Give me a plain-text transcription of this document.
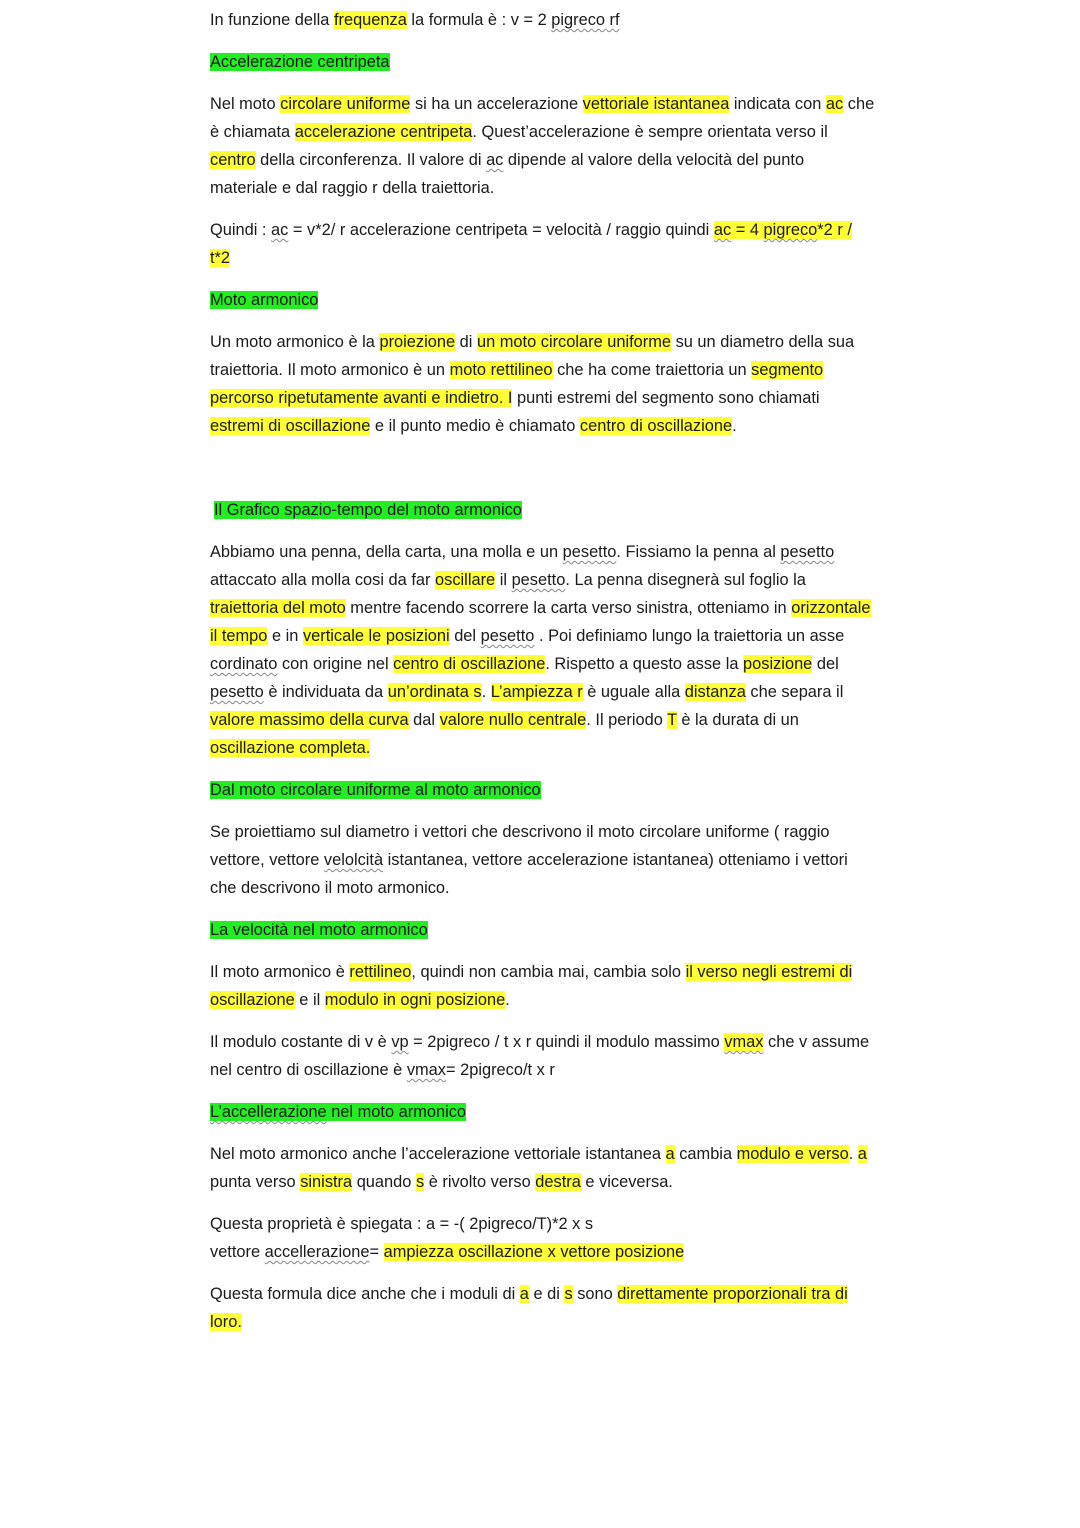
In funzione della frequenza la formula è : v = 2 pigreco rf
Accelerazione centripeta
Nel moto circolare uniforme si ha un accelerazione vettoriale istantanea indicata con ac che è chiamata accelerazione centripeta. Quest’accelerazione è sempre orientata verso il centro della circonferenza. Il valore di ac dipende al valore della velocità del punto materiale e dal raggio r della traiettoria.
Quindi : ac = v*2/ r accelerazione centripeta = velocità / raggio quindi ac = 4 pigreco*2 r / t*2
Moto armonico
Un moto armonico è la proiezione di un moto circolare uniforme su un diametro della sua traiettoria. Il moto armonico è un moto rettilineo che ha come traiettoria un segmento percorso ripetutamente avanti e indietro. I punti estremi del segmento sono chiamati estremi di oscillazione e il punto medio è chiamato centro di oscillazione.
Il Grafico spazio-tempo del moto armonico
Abbiamo una penna, della carta, una molla e un pesetto. Fissiamo la penna al pesetto attaccato alla molla cosi da far oscillare il pesetto. La penna disegnerà sul foglio la traiettoria del moto mentre facendo scorrere la carta verso sinistra, otteniamo in orizzontale il tempo e in verticale le posizioni del pesetto . Poi definiamo lungo la traiettoria un asse cordinato con origine nel centro di oscillazione. Rispetto a questo asse la posizione del pesetto è individuata da un’ordinata s. L’ampiezza r è uguale alla distanza che separa il valore massimo della curva dal valore nullo centrale. Il periodo T è la durata di un oscillazione completa.
Dal moto circolare uniforme al moto armonico
Se proiettiamo sul diametro i vettori che descrivono il moto circolare uniforme ( raggio vettore, vettore velolcità istantanea, vettore accelerazione istantanea) otteniamo i vettori che descrivono il moto armonico.
La velocità nel moto armonico
Il moto armonico è rettilineo, quindi non cambia mai, cambia solo il verso negli estremi di oscillazione e il modulo in ogni posizione.
Il modulo costante di v è vp = 2pigreco / t x r quindi il modulo massimo vmax che v assume nel centro di oscillazione è vmax= 2pigreco/t x r
L’accellerazione nel moto armonico
Nel moto armonico anche l’accelerazione vettoriale istantanea a cambia modulo e verso. a punta verso sinistra quando s è rivolto verso destra e viceversa.
Questa proprietà è spiegata : a = -( 2pigreco/T)*2 x s
vettore accellerazione= ampiezza oscillazione x vettore posizione
Questa formula dice anche che i moduli di a e di s sono direttamente proporzionali tra di loro.
